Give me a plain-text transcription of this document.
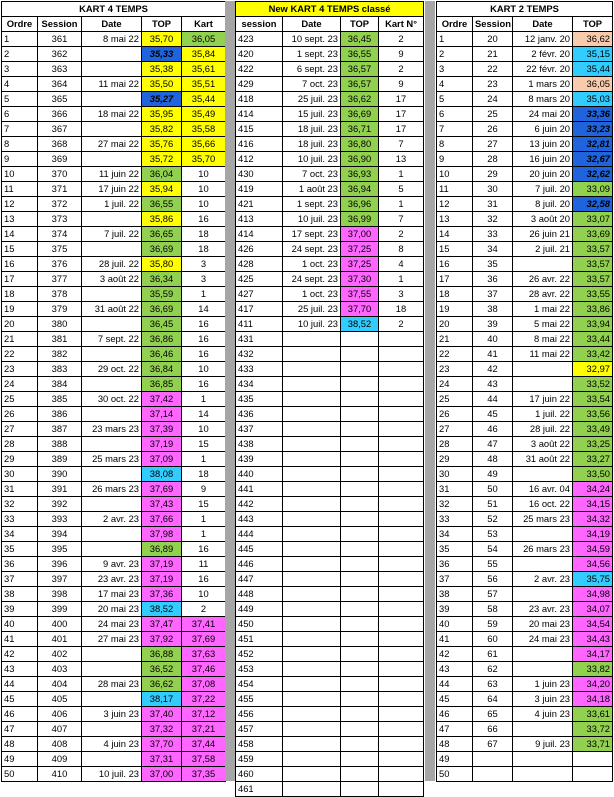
KART 4 TEMPS				
Ordre	Session	Date	TOP	Kart
1	361	8 mai 22	35,70	36,05
2	362		35,33	35,84
3	363		35,38	35,61
4	364	11 mai 22	35,50	35,51
5	365		35,27	35,44
6	366	18 mai 22	35,95	35,49
7	367		35,82	35,58
8	368	27 mai 22	35,76	35,66
9	369		35,72	35,70
10	370	11 juin 22	36,04	10
11	371	17 juin 22	35,94	10
12	372	1 juil. 22	36,55	10
13	373		35,86	16
14	374	7 juil. 22	36,65	18
15	375		36,69	18
16	376	28 juil. 22	35,80	3
17	377	3 août 22	36,34	3
18	378		35,59	1
19	379	31 août 22	36,69	14
20	380		36,45	16
21	381	7 sept. 22	36,86	16
22	382		36,46	16
23	383	29 oct. 22	36,84	10
24	384		36,85	16
25	385	30 oct. 22	37,42	1
26	386		37,14	14
27	387	23 mars 23	37,39	10
28	388		37,19	15
29	389	25 mars 23	37,09	1
30	390		38,08	18
31	391	26 mars 23	37,69	9
32	392		37,43	15
33	393	2 avr. 23	37,66	1
34	394		37,98	1
35	395		36,89	16
36	396	9 avr. 23	37,19	11
37	397	23 avr. 23	37,19	16
38	398	17 mai 23	37,36	10
39	399	20 mai 23	38,52	2
40	400	24 mai 23	37,47	37,41
41	401	27 mai 23	37,92	37,69
42	402		36,88	37,63
43	403		36,52	37,46
44	404	28 mai 23	36,62	37,08
45	405		38,17	37,22
46	406	3 juin 23	37,40	37,12
47	407		37,32	37,21
48	408	4 juin 23	37,70	37,44
49	409		37,31	37,58
50	410	10 juil. 23	37,00	37,35
New KART 4 TEMPS classé			
session	Date	TOP	Kart N°
423	10 sept. 23	36,45	2
420	1 sept. 23	36,55	9
422	6 sept. 23	36,57	2
429	7 oct. 23	36,57	9
418	25 juil. 23	36,62	17
414	15 juil. 23	36,69	17
415	18 juil. 23	36,71	17
416	18 juil. 23	36,80	7
412	10 juil. 23	36,90	13
430	7 oct. 23	36,93	1
419	1 août 23	36,94	5
421	1 sept. 23	36,96	1
413	10 juil. 23	36,99	7
414	17 sept. 23	37,00	2
426	24 sept. 23	37,25	8
428	1 oct. 23	37,25	4
425	24 sept. 23	37,30	1
427	1 oct. 23	37,55	3
417	25 juil. 23	37,70	18
411	10 juil. 23	38,52	2
431			
432			
433			
434			
435			
436			
437			
438			
439			
440			
441			
442			
443			
444			
445			
446			
447			
448			
449			
450			
451			
452			
453			
454			
455			
456			
457			
458			
459			
460			
461			
KART 2 TEMPS			
Ordre	Session	Date	TOP
1	20	12 janv. 20	36,62
2	21	2 févr. 20	35,15
3	22	22 févr. 20	35,44
4	23	1 mars 20	36,05
5	24	8 mars 20	35,03
6	25	24 mai 20	33,36
7	26	6 juin 20	33,23
8	27	13 juin 20	32,81
9	28	16 juin 20	32,67
10	29	20 juin 20	32,62
11	30	7 juil. 20	33,09
12	31	8 juil. 20	32,58
13	32	3 août 20	33,07
14	33	26 juin 21	33,69
15	34	2 juil. 21	33,57
16	35		33,57
17	36	26 avr. 22	33,57
18	37	28 avr. 22	33,55
19	38	1 mai 22	33,86
20	39	5 mai 22	33,94
21	40	8 mai 22	33,44
22	41	11 mai 22	33,42
23	42		32,97
24	43		33,52
25	44	17 juin 22	33,54
26	45	1 juil. 22	33,56
27	46	28 juil. 22	33,49
28	47	3 août 22	33,25
29	48	31 août 22	33,27
30	49		33,50
31	50	16 avr. 04	34,24
32	51	16 oct. 22	34,15
33	52	25 mars 23	34,32
34	53		34,19
35	54	26 mars 23	34,59
36	55		34,56
37	56	2 avr. 23	35,75
38	57		34,98
39	58	23 avr. 23	34,07
40	59	20 mai 23	34,54
41	60	24 mai 23	34,43
42	61		34,17
43	62		33,82
44	63	1 juin 23	34,20
45	64	3 juin 23	34,18
46	65	4 juin 23	33,61
47	66		33,72
48	67	9 juil. 23	33,71
49			
50			
